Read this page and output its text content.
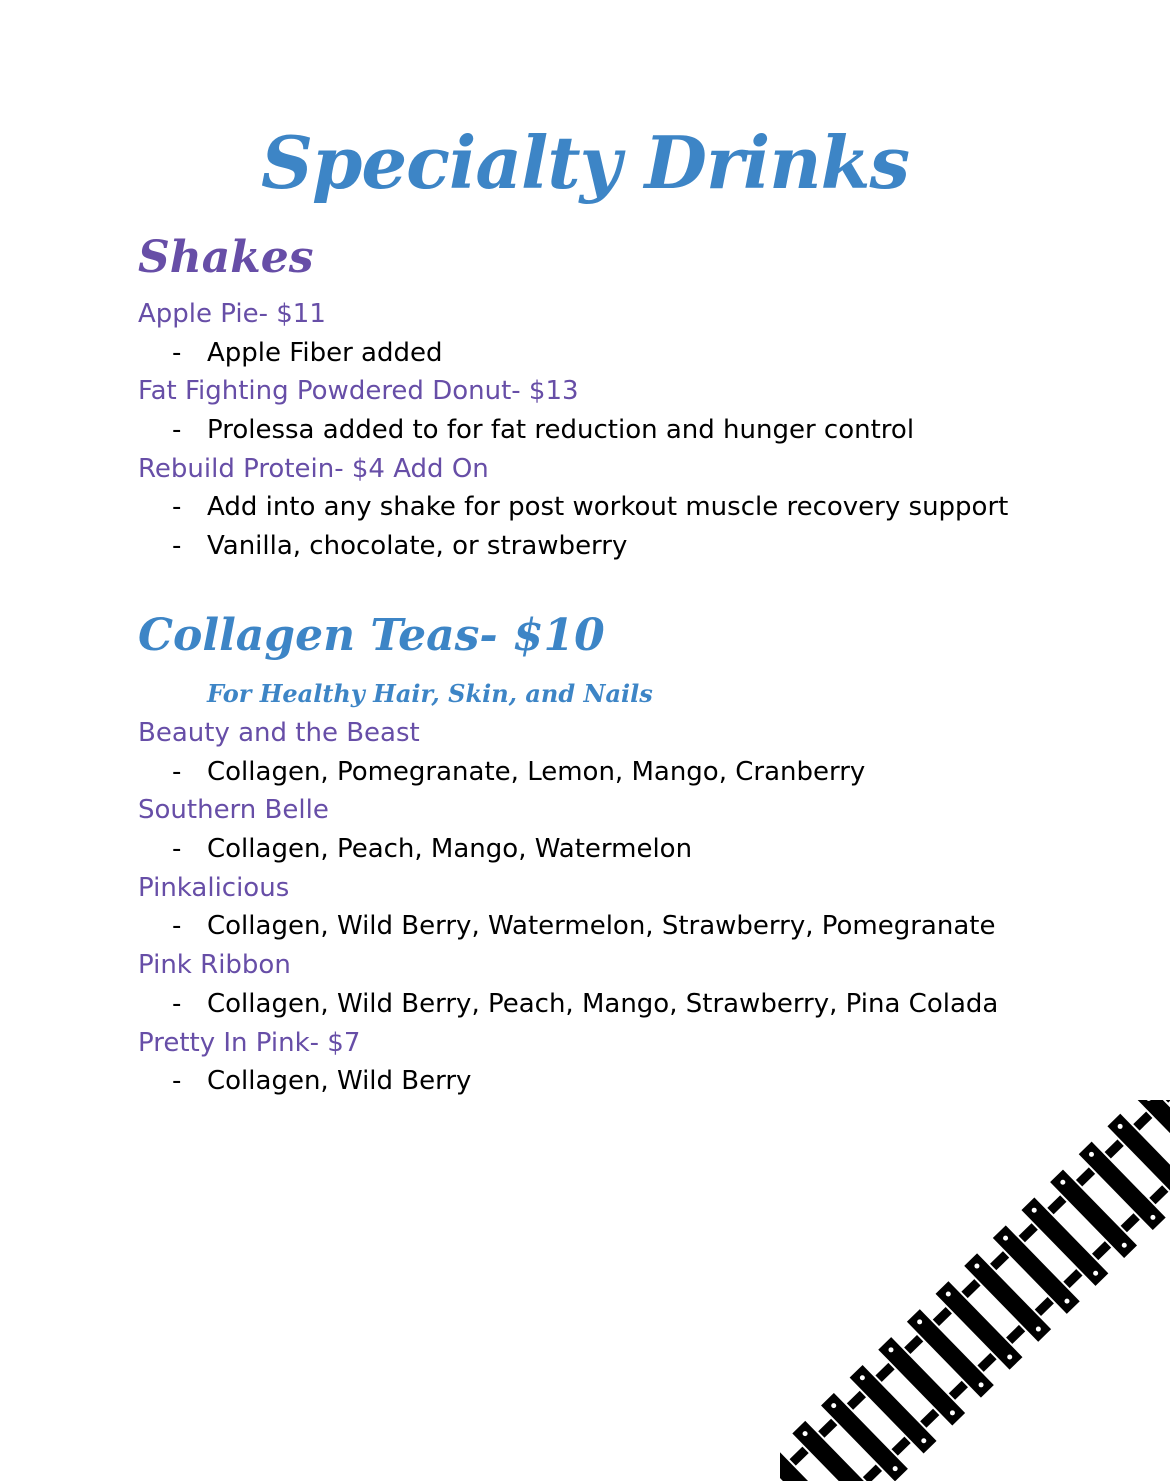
Specialty Drinks
Shakes
Apple Pie- $11
- Apple Fiber added
Fat Fighting Powdered Donut- $13
- Prolessa added to for fat reduction and hunger control
Rebuild Protein- $4 Add On
- Add into any shake for post workout muscle recovery support
- Vanilla, chocolate, or strawberry
Collagen Teas- $10
For Healthy Hair, Skin, and Nails
Beauty and the Beast
- Collagen, Pomegranate, Lemon, Mango, Cranberry
Southern Belle
- Collagen, Peach, Mango, Watermelon
Pinkalicious
- Collagen, Wild Berry, Watermelon, Strawberry, Pomegranate
Pink Ribbon
- Collagen, Wild Berry, Peach, Mango, Strawberry, Pina Colada
Pretty In Pink- $7
- Collagen, Wild Berry
